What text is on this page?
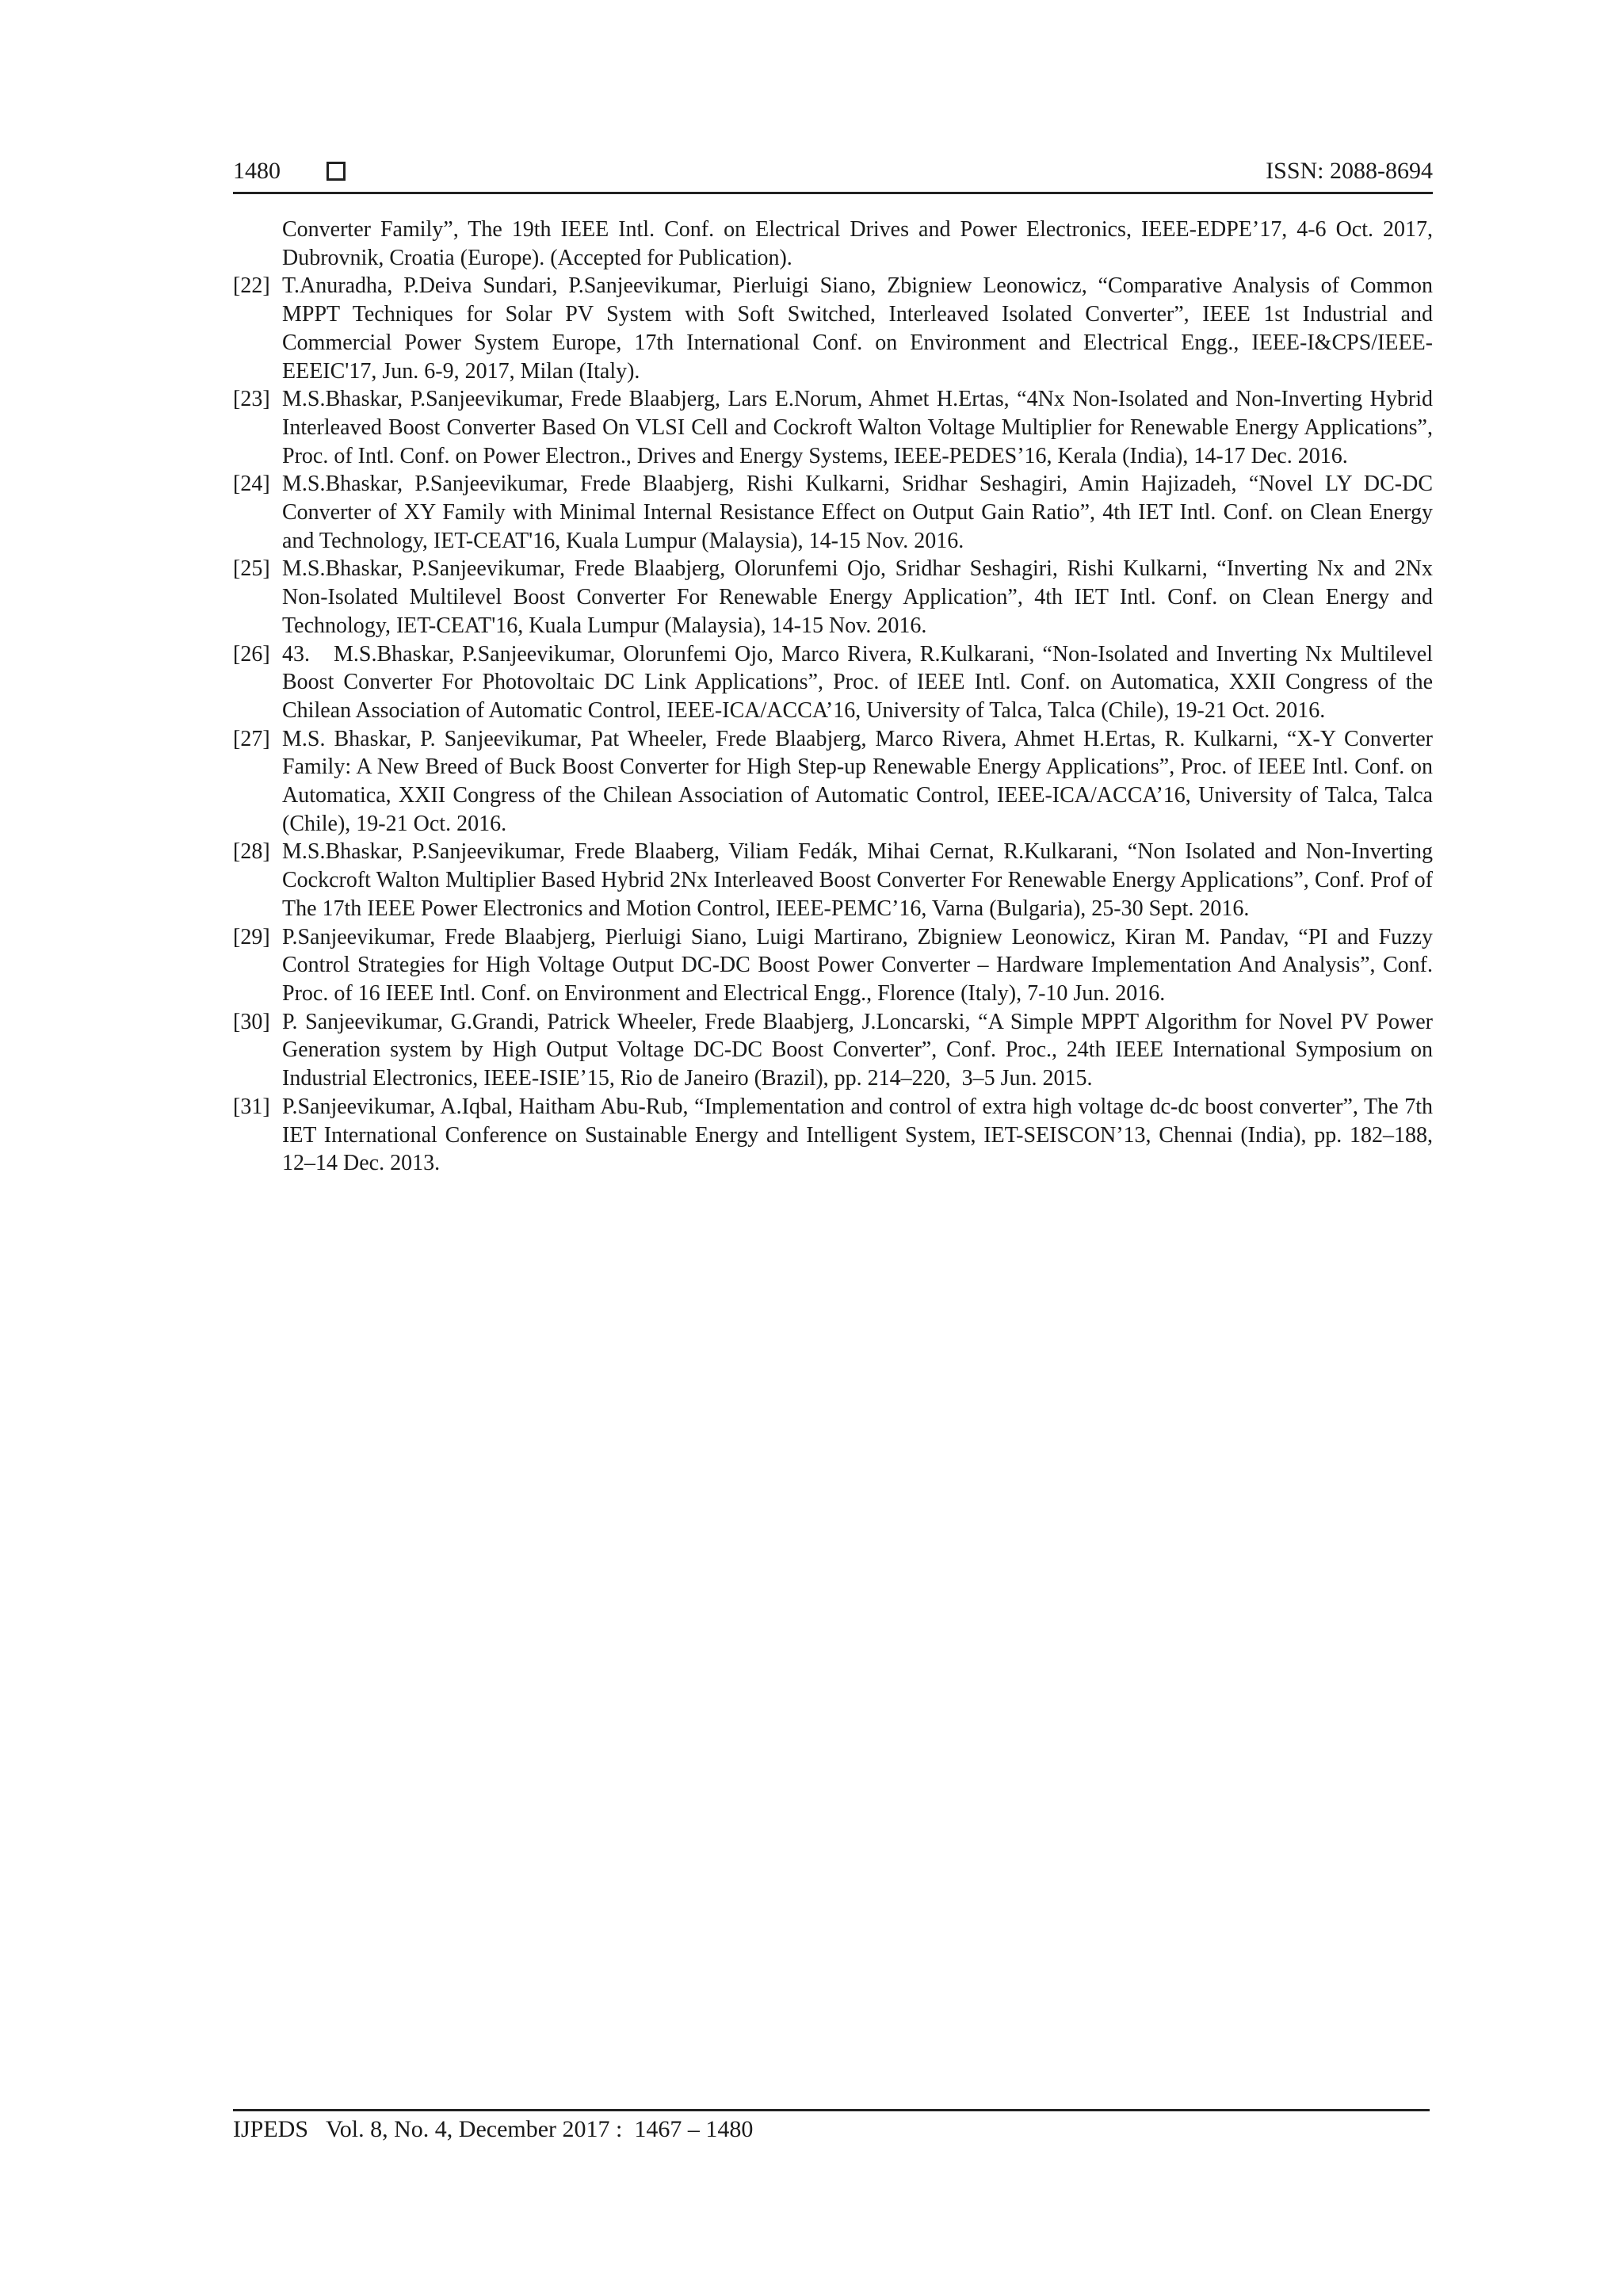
1480	ISSN: 2088-8694
Converter Family”, The 19th IEEE Intl. Conf. on Electrical Drives and Power Electronics, IEEE-EDPE’17, 4-6 Oct. 2017, Dubrovnik, Croatia (Europe). (Accepted for Publication).
[22] T.Anuradha, P.Deiva Sundari, P.Sanjeevikumar, Pierluigi Siano, Zbigniew Leonowicz, “Comparative Analysis of Common MPPT Techniques for Solar PV System with Soft Switched, Interleaved Isolated Converter”, IEEE 1st Industrial and Commercial Power System Europe, 17th International Conf. on Environment and Electrical Engg., IEEE-I&CPS/IEEE-EEEIC'17, Jun. 6-9, 2017, Milan (Italy).
[23] M.S.Bhaskar, P.Sanjeevikumar, Frede Blaabjerg, Lars E.Norum, Ahmet H.Ertas, “4Nx Non-Isolated and Non-Inverting Hybrid Interleaved Boost Converter Based On VLSI Cell and Cockroft Walton Voltage Multiplier for Renewable Energy Applications”, Proc. of Intl. Conf. on Power Electron., Drives and Energy Systems, IEEE-PEDES’16, Kerala (India), 14-17 Dec. 2016.
[24] M.S.Bhaskar, P.Sanjeevikumar, Frede Blaabjerg, Rishi Kulkarni, Sridhar Seshagiri, Amin Hajizadeh, “Novel LY DC-DC Converter of XY Family with Minimal Internal Resistance Effect on Output Gain Ratio”, 4th IET Intl. Conf. on Clean Energy and Technology, IET-CEAT'16, Kuala Lumpur (Malaysia), 14-15 Nov. 2016.
[25] M.S.Bhaskar, P.Sanjeevikumar, Frede Blaabjerg, Olorunfemi Ojo, Sridhar Seshagiri, Rishi Kulkarni, “Inverting Nx and 2Nx Non-Isolated Multilevel Boost Converter For Renewable Energy Application”, 4th IET Intl. Conf. on Clean Energy and Technology, IET-CEAT'16, Kuala Lumpur (Malaysia), 14-15 Nov. 2016.
[26] 43.   M.S.Bhaskar, P.Sanjeevikumar, Olorunfemi Ojo, Marco Rivera, R.Kulkarani, “Non-Isolated and Inverting Nx Multilevel Boost Converter For Photovoltaic DC Link Applications”, Proc. of IEEE Intl. Conf. on Automatica, XXII Congress of the Chilean Association of Automatic Control, IEEE-ICA/ACCA’16, University of Talca, Talca (Chile), 19-21 Oct. 2016.
[27] M.S. Bhaskar, P. Sanjeevikumar, Pat Wheeler, Frede Blaabjerg, Marco Rivera, Ahmet H.Ertas, R. Kulkarni, “X-Y Converter Family: A New Breed of Buck Boost Converter for High Step-up Renewable Energy Applications”, Proc. of IEEE Intl. Conf. on Automatica, XXII Congress of the Chilean Association of Automatic Control, IEEE-ICA/ACCA’16, University of Talca, Talca (Chile), 19-21 Oct. 2016.
[28] M.S.Bhaskar, P.Sanjeevikumar, Frede Blaaberg, Viliam Fedák, Mihai Cernat, R.Kulkarani, “Non Isolated and Non-Inverting Cockcroft Walton Multiplier Based Hybrid 2Nx Interleaved Boost Converter For Renewable Energy Applications”, Conf. Prof of The 17th IEEE Power Electronics and Motion Control, IEEE-PEMC’16, Varna (Bulgaria), 25-30 Sept. 2016.
[29] P.Sanjeevikumar, Frede Blaabjerg, Pierluigi Siano, Luigi Martirano, Zbigniew Leonowicz, Kiran M. Pandav, “PI and Fuzzy Control Strategies for High Voltage Output DC-DC Boost Power Converter – Hardware Implementation And Analysis”, Conf. Proc. of 16 IEEE Intl. Conf. on Environment and Electrical Engg., Florence (Italy), 7-10 Jun. 2016.
[30] P. Sanjeevikumar, G.Grandi, Patrick Wheeler, Frede Blaabjerg, J.Loncarski, “A Simple MPPT Algorithm for Novel PV Power Generation system by High Output Voltage DC-DC Boost Converter”, Conf. Proc., 24th IEEE International Symposium on Industrial Electronics, IEEE-ISIE’15, Rio de Janeiro (Brazil), pp. 214–220,  3–5 Jun. 2015.
[31] P.Sanjeevikumar, A.Iqbal, Haitham Abu-Rub, “Implementation and control of extra high voltage dc-dc boost converter”, The 7th IET International Conference on Sustainable Energy and Intelligent System, IET-SEISCON’13, Chennai (India), pp. 182–188, 12–14 Dec. 2013.
IJPEDS   Vol. 8, No. 4, December 2017 :  1467 – 1480
